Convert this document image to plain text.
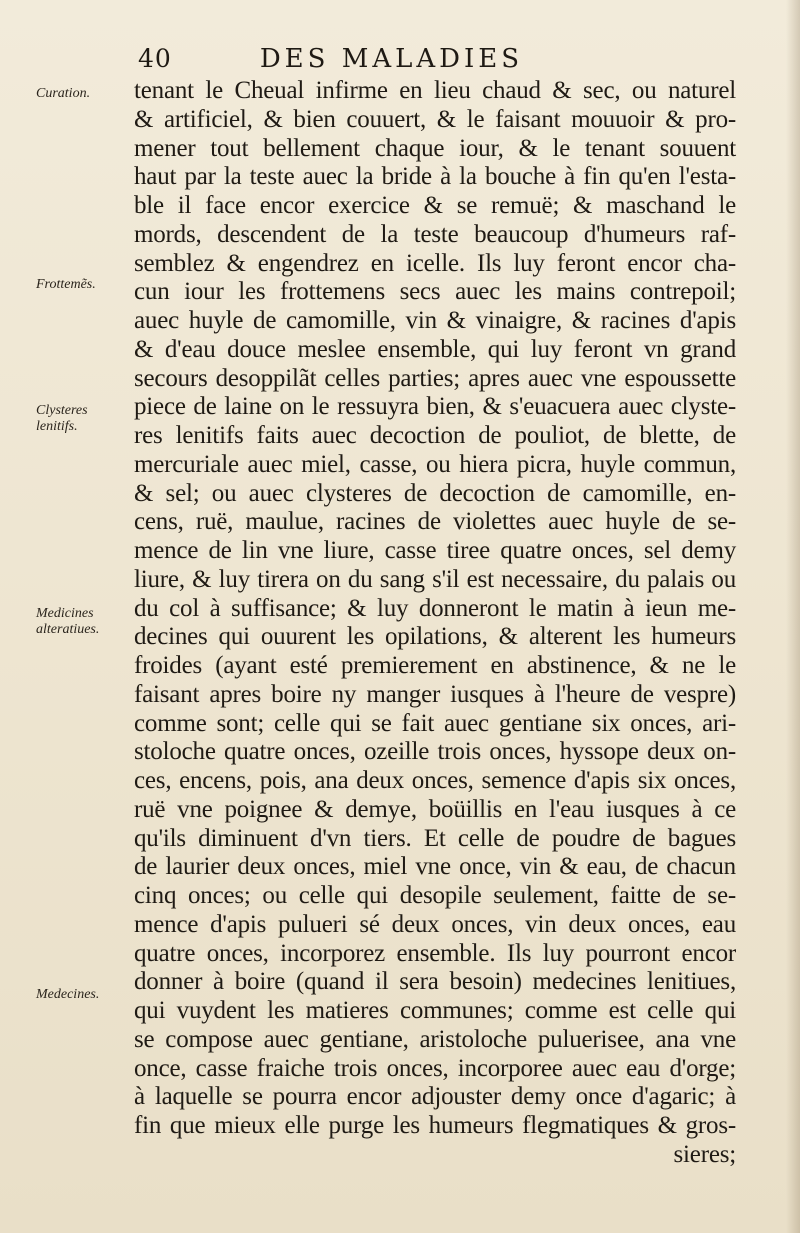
40	DES MALADIES
Curation.
Frottemẽs.
Clysteres lenitifs.
Medicines alteratiues.
Medecines.
tenant le Cheual infirme en lieu chaud & sec, ou naturel
& artificiel, & bien couuert, & le faisant mouuoir & pro-
mener tout bellement chaque iour, & le tenant souuent
haut par la teste auec la bride à la bouche à fin qu'en l'esta-
ble il face encor exercice & se remuë; & maschand le
mords, descendent de la teste beaucoup d'humeurs raf-
semblez & engendrez en icelle. Ils luy feront encor cha-
cun iour les frottemens secs auec les mains contrepoil;
auec huyle de camomille, vin & vinaigre, & racines d'apis
& d'eau douce meslee ensemble, qui luy feront vn grand
secours desoppilãt celles parties; apres auec vne espoussette
piece de laine on le ressuyra bien, & s'euacuera auec clyste-
res lenitifs faits auec decoction de pouliot, de blette, de
mercuriale auec miel, casse, ou hiera picra, huyle commun,
& sel; ou auec clysteres de decoction de camomille, en-
cens, ruë, maulue, racines de violettes auec huyle de se-
mence de lin vne liure, casse tiree quatre onces, sel demy
liure, & luy tirera on du sang s'il est necessaire, du palais ou
du col à suffisance; & luy donneront le matin à ieun me-
decines qui ouurent les opilations, & alterent les humeurs
froides (ayant esté premierement en abstinence, & ne le
faisant apres boire ny manger iusques à l'heure de vespre)
comme sont; celle qui se fait auec gentiane six onces, ari-
stoloche quatre onces, ozeille trois onces, hyssope deux on-
ces, encens, pois, ana deux onces, semence d'apis six onces,
ruë vne poignee & demye, boüillis en l'eau iusques à ce
qu'ils diminuent d'vn tiers. Et celle de poudre de bagues
de laurier deux onces, miel vne once, vin & eau, de chacun
cinq onces; ou celle qui desopile seulement, faitte de se-
mence d'apis pulueri sé deux onces, vin deux onces, eau
quatre onces, incorporez ensemble. Ils luy pourront encor
donner à boire (quand il sera besoin) medecines lenitiues,
qui vuydent les matieres communes; comme est celle qui
se compose auec gentiane, aristoloche puluerisee, ana vne
once, casse fraiche trois onces, incorporee auec eau d'orge;
à laquelle se pourra encor adjouster demy once d'agaric; à
fin que mieux elle purge les humeurs flegmatiques & gros-
sieres;
